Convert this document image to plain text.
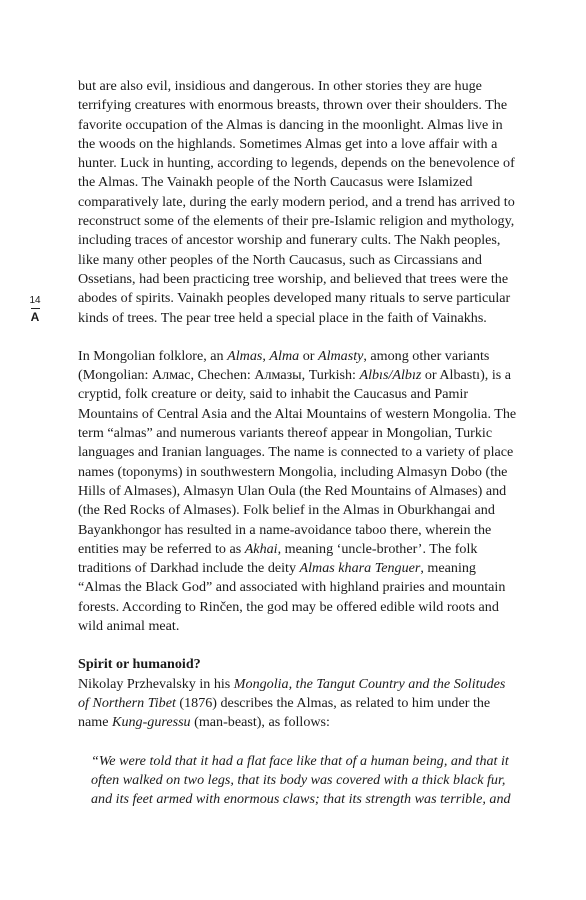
14
A

but are also evil, insidious and dangerous. In other stories they are huge terrifying creatures with enormous breasts, thrown over their shoulders. The favorite occupation of the Almas is dancing in the moonlight. Almas live in the woods on the highlands. Sometimes Almas get into a love affair with a hunter. Luck in hunting, according to legends, depends on the benevolence of the Almas. The Vainakh people of the North Caucasus were Islamized comparatively late, during the early modern period, and a trend has arrived to reconstruct some of the elements of their pre-Islamic religion and mythology, including traces of ancestor worship and funerary cults. The Nakh peoples, like many other peoples of the North Caucasus, such as Circassians and Ossetians, had been practicing tree worship, and believed that trees were the abodes of spirits. Vainakh peoples developed many rituals to serve particular kinds of trees. The pear tree held a special place in the faith of Vainakhs.

In Mongolian folklore, an Almas, Alma or Almasty, among other variants (Mongolian: Алмас, Chechen: Алмазы, Turkish: Albıs/Albız or Albastı), is a cryptid, folk creature or deity, said to inhabit the Caucasus and Pamir Mountains of Central Asia and the Altai Mountains of western Mongolia. The term “almas” and numerous variants thereof appear in Mongolian, Turkic languages and Iranian languages. The name is connected to a variety of place names (toponyms) in southwestern Mongolia, including Almasyn Dobo (the Hills of Almases), Almasyn Ulan Oula (the Red Mountains of Almases) and (the Red Rocks of Almases). Folk belief in the Almas in Oburkhangai and Bayankhongor has resulted in a name-avoidance taboo there, wherein the entities may be referred to as Akhai, meaning ‘uncle-brother’. The folk traditions of Darkhad include the deity Almas khara Tenguer, meaning “Almas the Black God” and associated with highland prairies and mountain forests. According to Rinčen, the god may be offered edible wild roots and wild animal meat.

Spirit or humanoid?

Nikolay Przhevalsky in his Mongolia, the Tangut Country and the Solitudes of Northern Tibet (1876) describes the Almas, as related to him under the name Kung-guressu (man-beast), as follows:

“We were told that it had a flat face like that of a human being, and that it often walked on two legs, that its body was covered with a thick black fur, and its feet armed with enormous claws; that its strength was terrible, and
